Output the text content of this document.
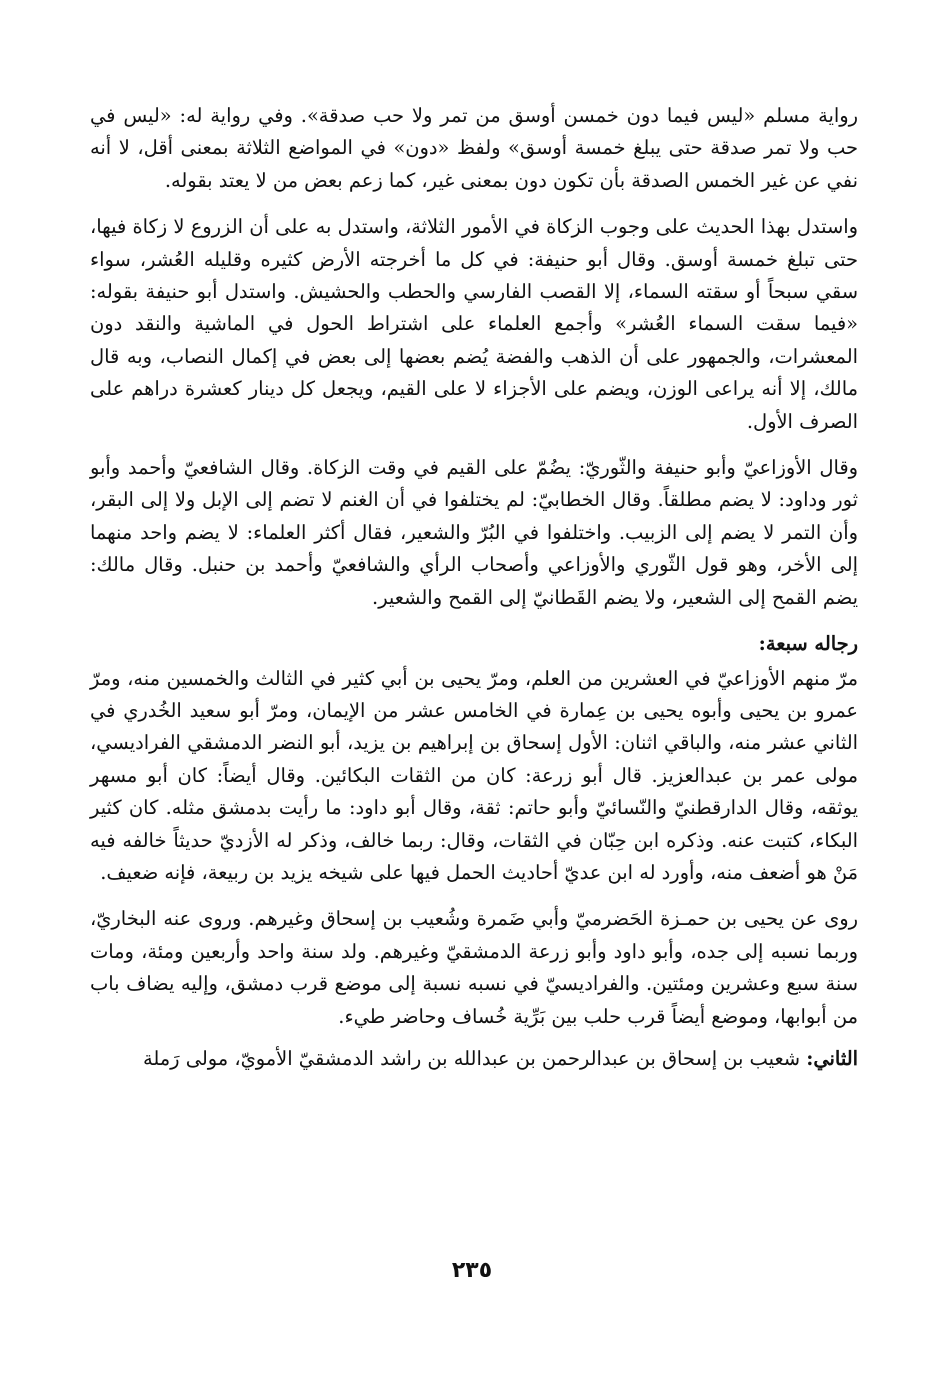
رواية مسلم «ليس فيما دون خمسن أوسق من تمر ولا حب صدقة». وفي رواية له: «ليس في حب ولا تمر صدقة حتى يبلغ خمسة أوسق» ولفظ «دون» في المواضع الثلاثة بمعنى أقل، لا أنه نفي عن غير الخمس الصدقة بأن تكون دون بمعنى غير، كما زعم بعض من لا يعتد بقوله.

واستدل بهذا الحديث على وجوب الزكاة في الأمور الثلاثة، واستدل به على أن الزروع لا زكاة فيها، حتى تبلغ خمسة أوسق. وقال أبو حنيفة: في كل ما أخرجته الأرض كثيره وقليله العُشر، سواء سقي سبحاً أو سقته السماء، إلا القصب الفارسي والحطب والحشيش. واستدل أبو حنيفة بقوله: «فيما سقت السماء العُشر» وأجمع العلماء على اشتراط الحول في الماشية والنقد دون المعشرات، والجمهور على أن الذهب والفضة يُضم بعضها إلى بعض في إكمال النصاب، وبه قال مالك، إلا أنه يراعى الوزن، ويضم على الأجزاء لا على القيم، ويجعل كل دينار كعشرة دراهم على الصرف الأول.

وقال الأوزاعيّ وأبو حنيفة والثّوريّ: يضُمّ على القيم في وقت الزكاة. وقال الشافعيّ وأحمد وأبو ثور وداود: لا يضم مطلقاً. وقال الخطابيّ: لم يختلفوا في أن الغنم لا تضم إلى الإبل ولا إلى البقر، وأن التمر لا يضم إلى الزبيب. واختلفوا في البُرّ والشعير، فقال أكثر العلماء: لا يضم واحد منهما إلى الأخر، وهو قول الثّوري والأوزاعي وأصحاب الرأي والشافعيّ وأحمد بن حنبل. وقال مالك: يضم القمح إلى الشعير، ولا يضم القَطانيّ إلى القمح والشعير.

رجاله سبعة:

مرّ منهم الأوزاعيّ في العشرين من العلم، ومرّ يحيى بن أبي كثير في الثالث والخمسين منه، ومرّ عمرو بن يحيى وأبوه يحيى بن عِمارة في الخامس عشر من الإيمان، ومرّ أبو سعيد الخُدري في الثاني عشر منه، والباقي اثنان: الأول إسحاق بن إبراهيم بن يزيد، أبو النضر الدمشقي الفراديسي، مولى عمر بن عبدالعزيز. قال أبو زرعة: كان من الثقات البكائين. وقال أيضاً: كان أبو مسهر يوثقه، وقال الدارقطنيّ والنّسائيّ وأبو حاتم: ثقة، وقال أبو داود: ما رأيت بدمشق مثله. كان كثير البكاء، كتبت عنه. وذكره ابن حِبّان في الثقات، وقال: ربما خالف، وذكر له الأزديّ حديثاً خالفه فيه مَنْ هو أضعف منه، وأورد له ابن عديّ أحاديث الحمل فيها على شيخه يزيد بن ربيعة، فإنه ضعيف.

روى عن يحيى بن حمـزة الحَضرميّ وأبي ضَمرة وشُعيب بن إسحاق وغيرهم. وروى عنه البخاريّ، وربما نسبه إلى جده، وأبو داود وأبو زرعة الدمشقيّ وغيرهم. ولد سنة واحد وأربعين ومئة، ومات سنة سبع وعشرين ومئتين. والفراديسيّ في نسبه نسبة إلى موضع قرب دمشق، وإليه يضاف باب من أبوابها، وموضع أيضاً قرب حلب بين بَرِّية خُساف وحاضر طيء.

الثاني: شعيب بن إسحاق بن عبدالرحمن بن عبدالله بن راشد الدمشقيّ الأمويّ، مولى رَملة

٢٣٥
